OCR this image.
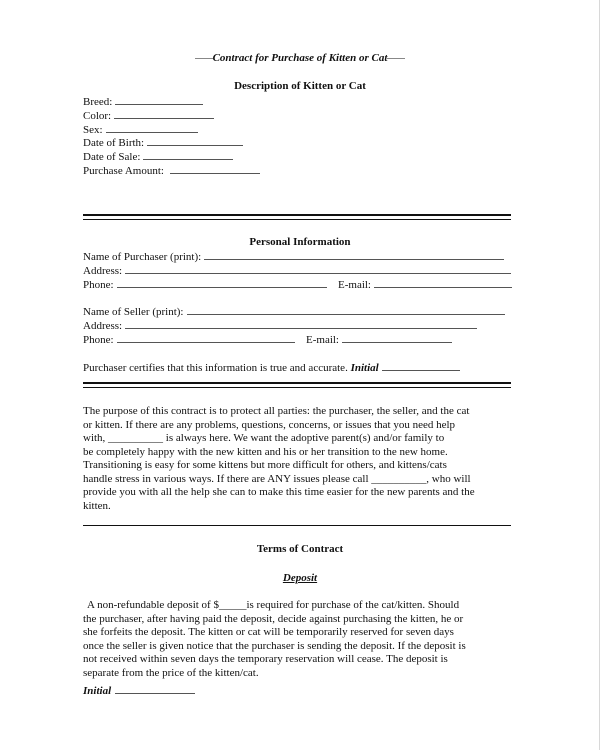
Contract for Purchase of Kitten or Cat
Description of Kitten or Cat
Breed:
Color:
Sex:
Date of Birth:
Date of Sale:
Purchase Amount:
Personal Information
Name of Purchaser (print):
Address:
Phone:	E-mail:
Name of Seller (print):
Address:
Phone:	E-mail:
Purchaser certifies that this information is true and accurate. Initial
The purpose of this contract is to protect all parties: the purchaser, the seller, and the cat
or kitten. If there are any problems, questions, concerns, or issues that you need help
with, __________ is always here. We want the adoptive parent(s) and/or family to
be completely happy with the new kitten and his or her transition to the new home.
Transitioning is easy for some kittens but more difficult for others, and kittens/cats
handle stress in various ways. If there are ANY issues please call __________, who will
provide you with all the help she can to make this time easier for the new parents and the
kitten.
Terms of Contract
Deposit
A non-refundable deposit of $_____is required for purchase of the cat/kitten. Should
the purchaser, after having paid the deposit, decide against purchasing the kitten, he or
she forfeits the deposit. The kitten or cat will be temporarily reserved for seven days
once the seller is given notice that the purchaser is sending the deposit. If the deposit is
not received within seven days the temporary reservation will cease. The deposit is
separate from the price of the kitten/cat.
Initial
